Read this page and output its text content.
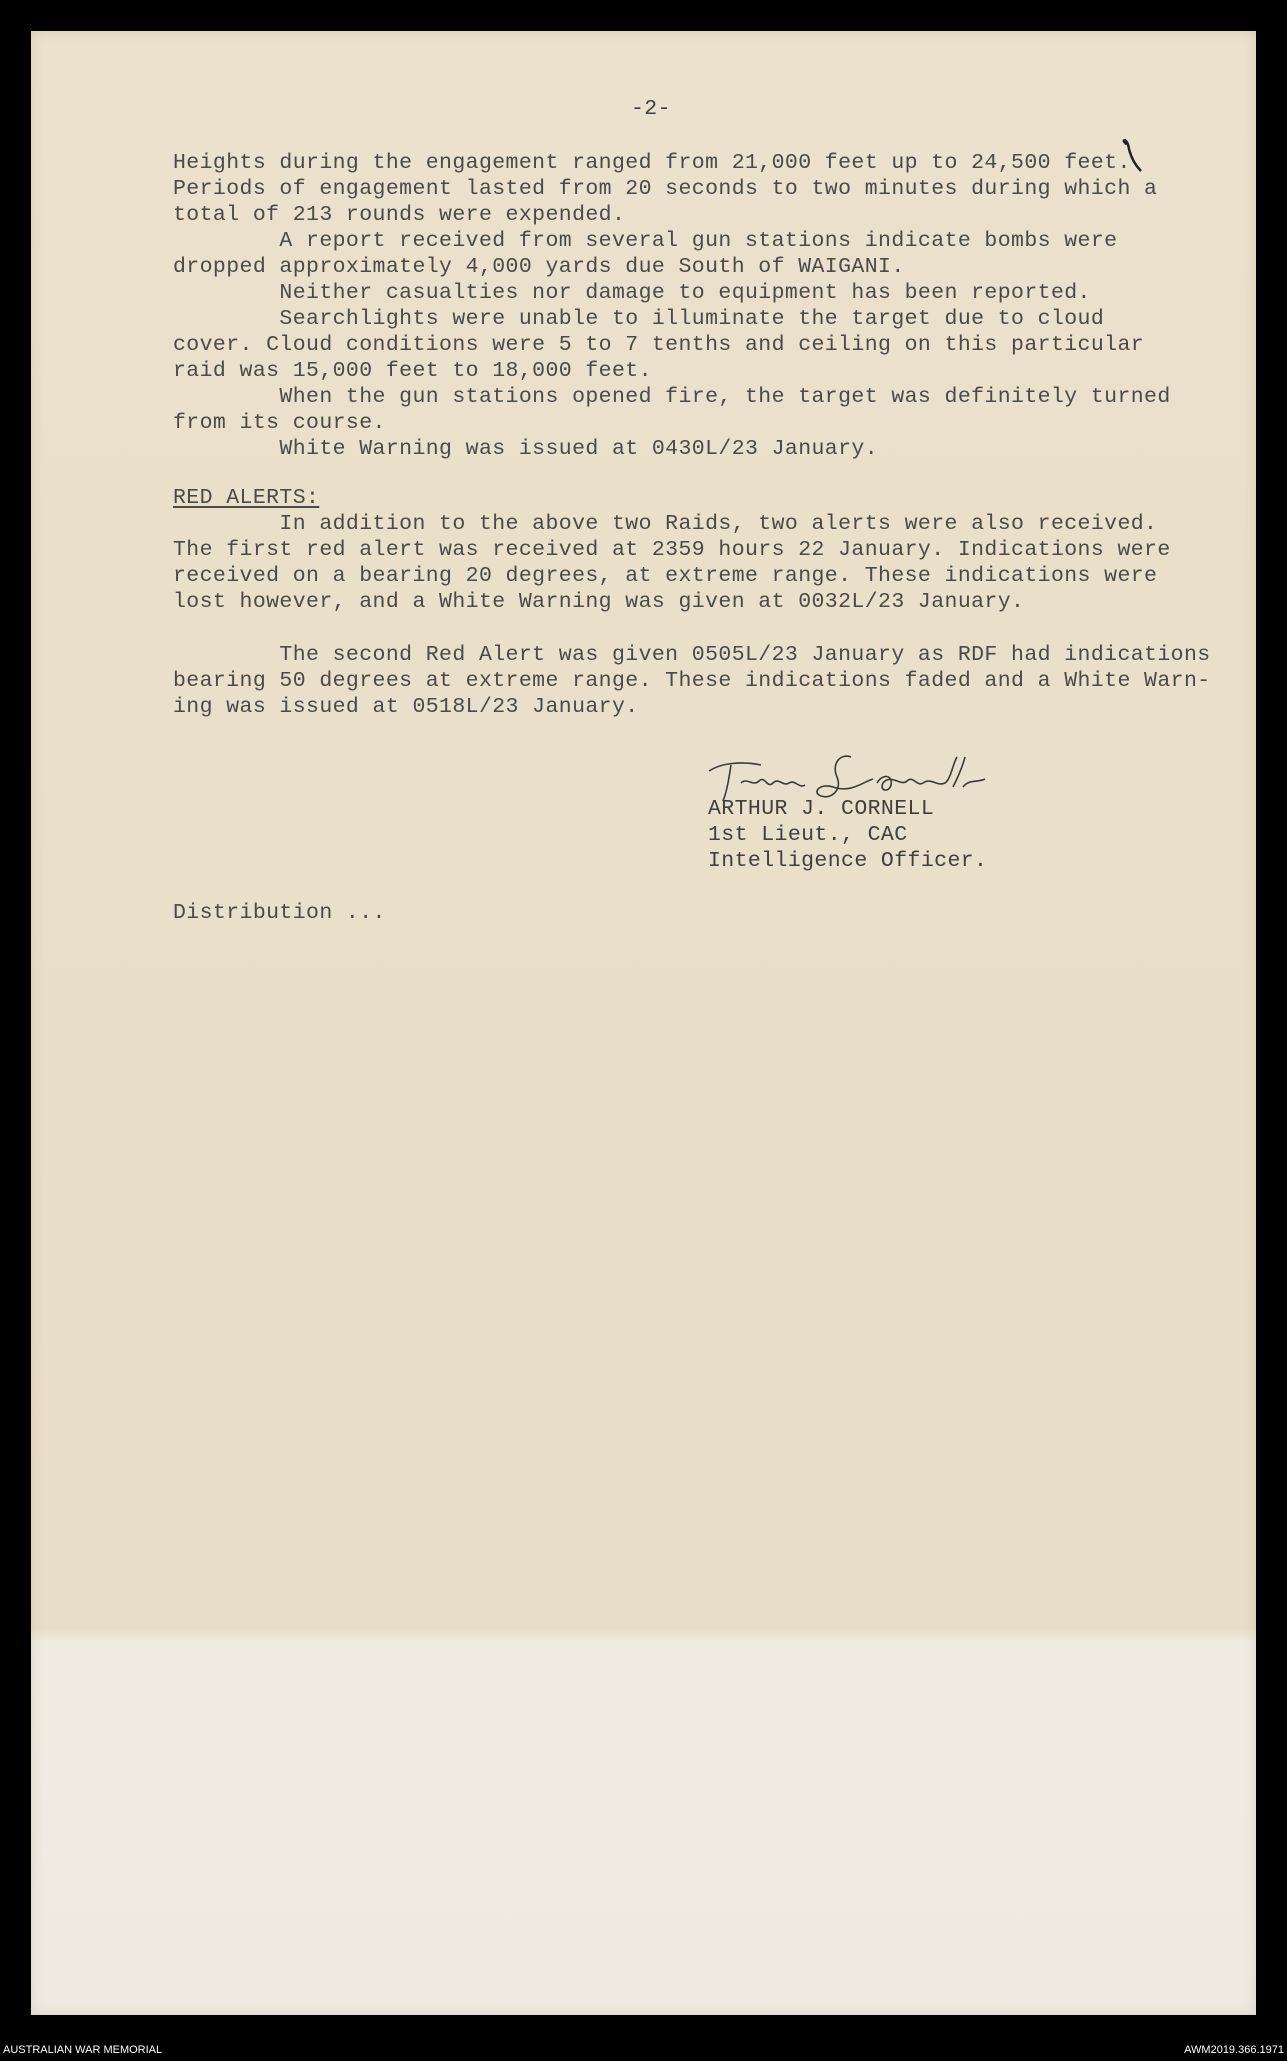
-2-
Heights during the engagement ranged from 21,000 feet up to 24,500 feet.
Periods of engagement lasted from 20 seconds to two minutes during which a
total of 213 rounds were expended.
A report received from several gun stations indicate bombs were
dropped approximately 4,000 yards due South of WAIGANI.
Neither casualties nor damage to equipment has been reported.
Searchlights were unable to illuminate the target due to cloud
cover. Cloud conditions were 5 to 7 tenths and ceiling on this particular
raid was 15,000 feet to 18,000 feet.
When the gun stations opened fire, the target was definitely turned
from its course.
White Warning was issued at 0430L/23 January.
RED ALERTS:
In addition to the above two Raids, two alerts were also received.
The first red alert was received at 2359 hours 22 January. Indications were
received on a bearing 20 degrees, at extreme range. These indications were
lost however, and a White Warning was given at 0032L/23 January.
The second Red Alert was given 0505L/23 January as RDF had indications
bearing 50 degrees at extreme range. These indications faded and a White Warn-
ing was issued at 0518L/23 January.
ARTHUR J. CORNELL
1st Lieut., CAC
Intelligence Officer.
Distribution ...
AUSTRALIAN WAR MEMORIAL	AWM2019.366.1971
